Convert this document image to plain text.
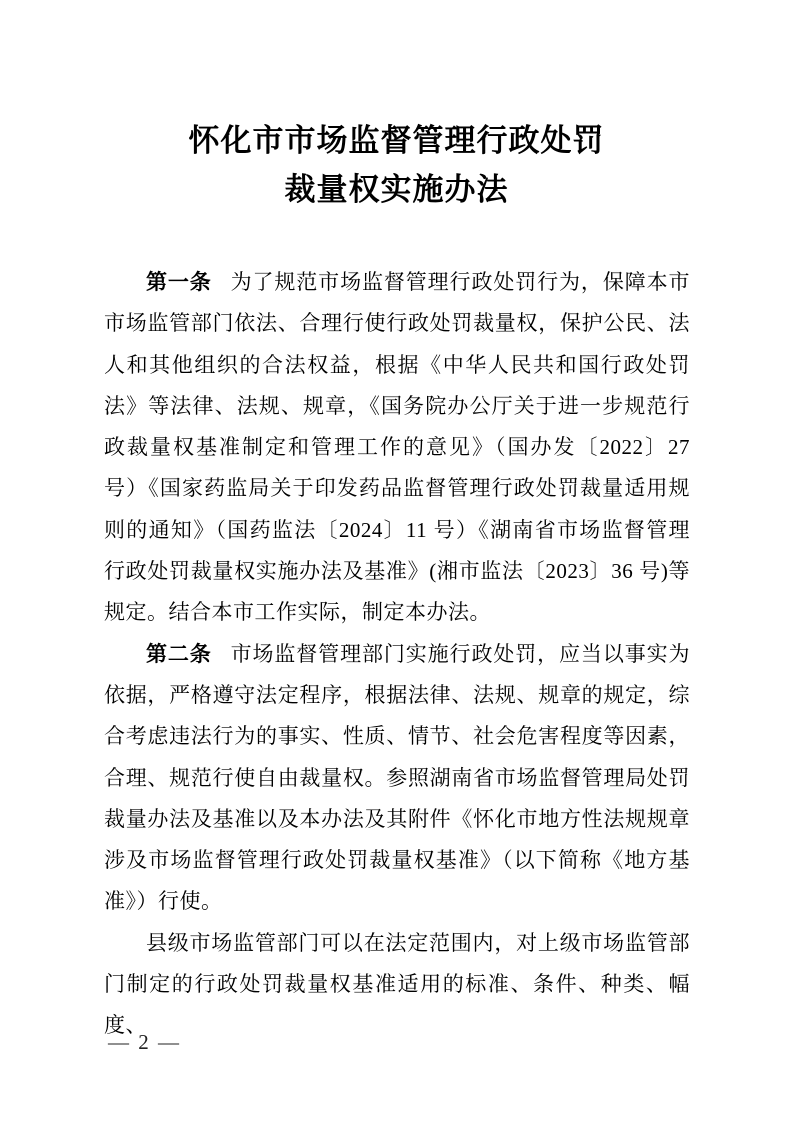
怀化市市场监督管理行政处罚
裁量权实施办法

第一条 为了规范市场监督管理行政处罚行为，保障本市市场监管部门依法、合理行使行政处罚裁量权，保护公民、法人和其他组织的合法权益，根据《中华人民共和国行政处罚法》等法律、法规、规章，《国务院办公厅关于进一步规范行政裁量权基准制定和管理工作的意见》（国办发〔2022〕27 号）《国家药监局关于印发药品监督管理行政处罚裁量适用规则的通知》（国药监法〔2024〕11 号）《湖南省市场监督管理行政处罚裁量权实施办法及基准》(湘市监法〔2023〕36 号)等规定。结合本市工作实际，制定本办法。

第二条 市场监督管理部门实施行政处罚，应当以事实为依据，严格遵守法定程序，根据法律、法规、规章的规定，综合考虑违法行为的事实、性质、情节、社会危害程度等因素，合理、规范行使自由裁量权。参照湖南省市场监督管理局处罚裁量办法及基准以及本办法及其附件《怀化市地方性法规规章涉及市场监督管理行政处罚裁量权基准》（以下简称《地方基准》）行使。

县级市场监管部门可以在法定范围内，对上级市场监管部门制定的行政处罚裁量权基准适用的标准、条件、种类、幅度、

— 2 —
